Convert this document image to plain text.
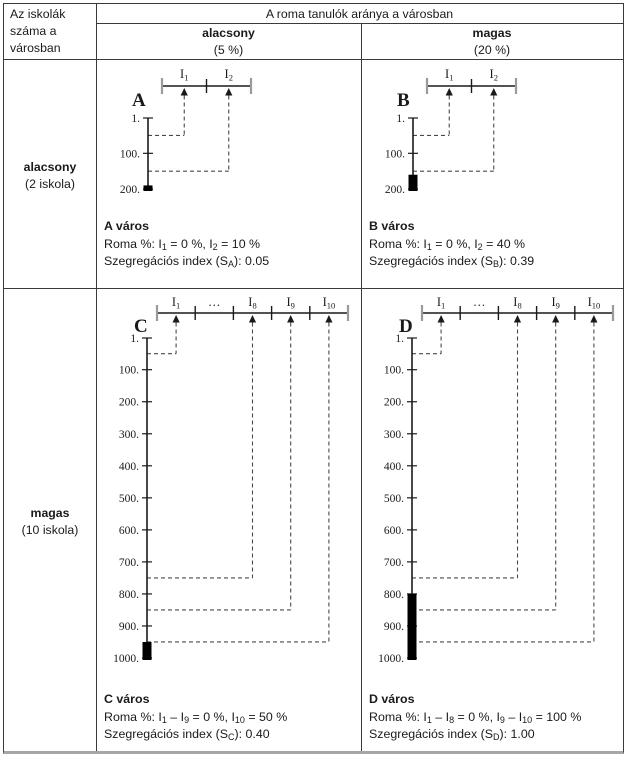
Az iskolák
száma a
városban
A roma tanulók aránya a városban
alacsony
(5 %)
magas
(20 %)
alacsony
(2 iskola)
magas
(10 iskola)
A
$I_1$	$I_2$
1.
100.
200.
A város
Roma %: $I_1 = 0$ %, $I_2 = 10$ %
Szegregációs index $(S_A)$: 0.05
B
$I_1$	$I_2$
1.
100.
200.
B város
Roma %: $I_1 = 0$ %, $I_2 = 40$ %
Szegregációs index $(S_B)$: 0.39
C
$I_1$ … $I_8$ $I_9$ $I_{10}$
1.
100.
200.
300.
400.
500.
600.
700.
800.
900.
1000.
C város
Roma %: $I_1 - I_9 = 0$ %, $I_{10} = 50$ %
Szegregációs index $(S_C)$: 0.40
D
$I_1$ … $I_8$ $I_9$ $I_{10}$
1.
100.
200.
300.
400.
500.
600.
700.
800.
900.
1000.
D város
Roma %: $I_1 - I_8 = 0$ %, $I_9 - I_{10} = 100$ %
Szegregációs index $(S_D)$: 1.00
